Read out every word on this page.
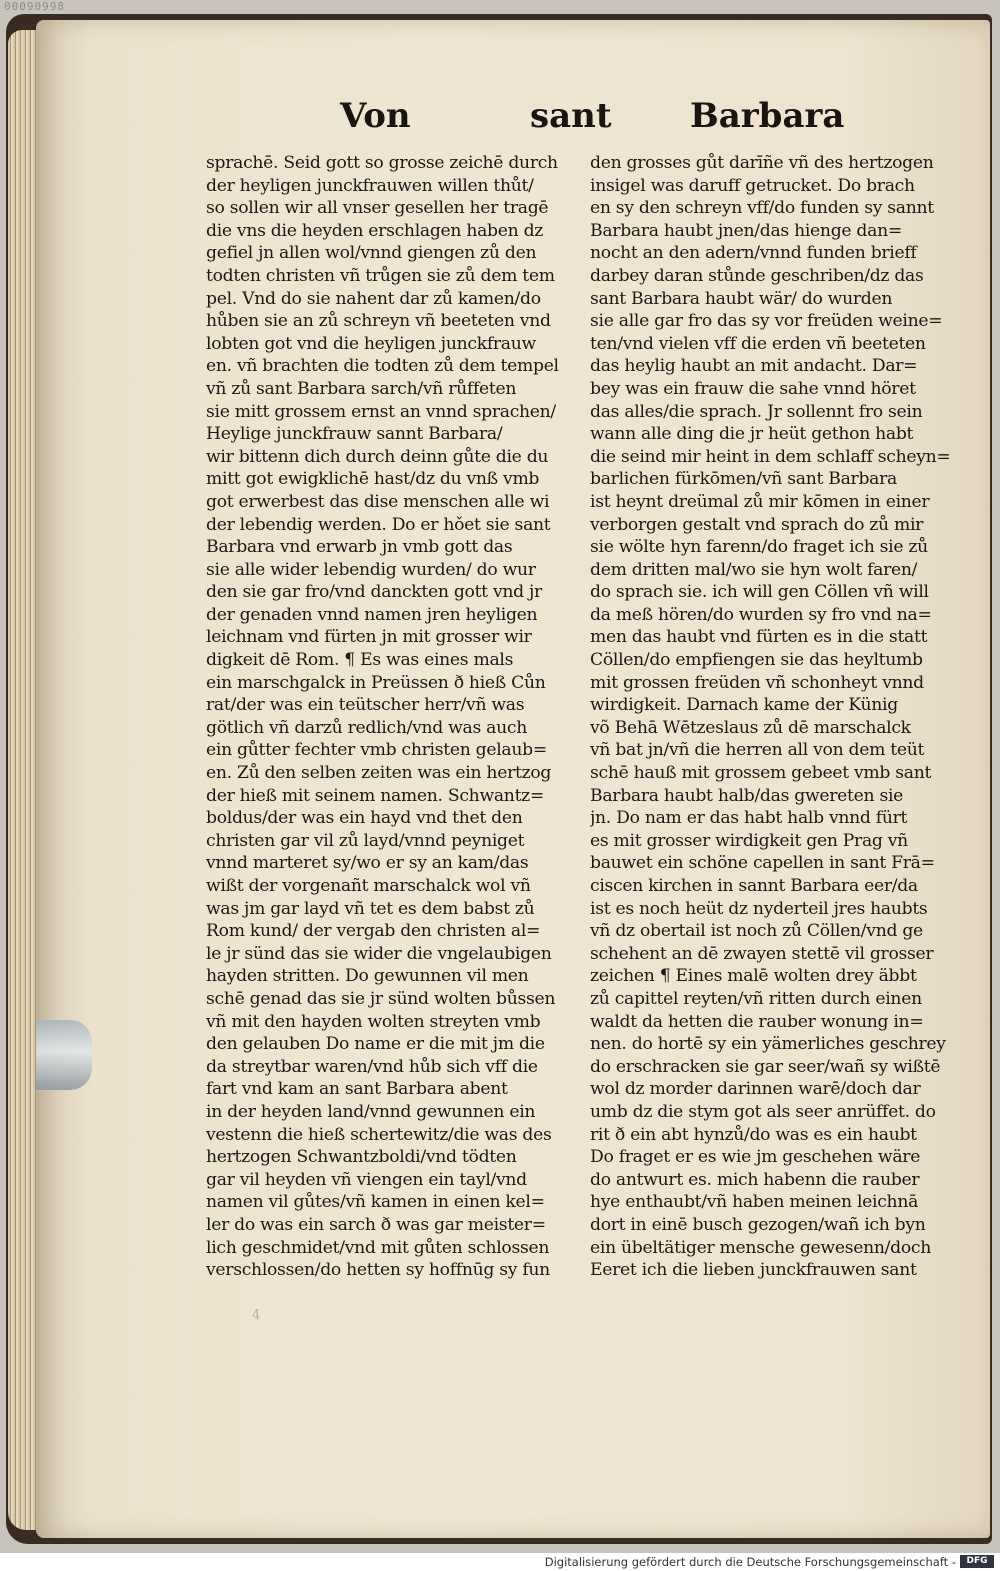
00090998
Von	sant Barbara
sprachē. Seid gott so grosse zeichē durch
der heyligen junckfrauwen willen thůt/
so sollen wir all vnser gesellen her tragē
die vns die heyden erschlagen haben dz
gefiel jn allen wol/vnnd giengen zů den
todten christen vñ trůgen sie zů dem tem
pel. Vnd do sie nahent dar zů kamen/do
hůben sie an zů schreyn vñ beeteten vnd
lobten got vnd die heyligen junckfrauw
en. vñ brachten die todten zů dem tempel
vñ zů sant Barbara sarch/vñ růffeten
sie mitt grossem ernst an vnnd sprachen/
Heylige junckfrauw sannt Barbara/
wir bittenn dich durch deinn gůte die du
mitt got ewigklichē hast/dz du vnß vmb
got erwerbest das dise menschen alle wi
der lebendig werden. Do er hǒet sie sant
Barbara vnd erwarb jn vmb gott das
sie alle wider lebendig wurden/ do wur
den sie gar fro/vnd danckten gott vnd jr
der genaden vnnd namen jren heyligen
leichnam vnd fürten jn mit grosser wir
digkeit dē Rom. ¶ Es was eines mals
ein marschgalck in Preüssen ð hieß Cůn
rat/der was ein teütscher herr/vñ was
götlich vñ darzů redlich/vnd was auch
ein gůtter fechter vmb christen gelaub=
en. Zů den selben zeiten was ein hertzog
der hieß mit seinem namen. Schwantz=
boldus/der was ein hayd vnd thet den
christen gar vil zů layd/vnnd peyniget
vnnd marteret sy/wo er sy an kam/das
wißt der vorgenañt marschalck wol vñ
was jm gar layd vñ tet es dem babst zů
Rom kund/ der vergab den christen al=
le jr sünd das sie wider die vngelaubigen
hayden stritten. Do gewunnen vil men
schē genad das sie jr sünd wolten bůssen
vñ mit den hayden wolten streyten vmb
den gelauben Do name er die mit jm die
da streytbar waren/vnd hůb sich vff die
fart vnd kam an sant Barbara abent
in der heyden land/vnnd gewunnen ein
vestenn die hieß schertewitz/die was des
hertzogen Schwantzboldi/vnd tödten
gar vil heyden vñ viengen ein tayl/vnd
namen vil gůtes/vñ kamen in einen kel=
ler do was ein sarch ð was gar meister=
lich geschmidet/vnd mit gůten schlossen
verschlossen/do hetten sy hoffnūg sy fun
den grosses gůt darīñe vñ des hertzogen
insigel was daruff getrucket. Do brach
en sy den schreyn vff/do funden sy sannt
Barbara haubt jnen/das hienge dan=
nocht an den adern/vnnd funden brieff
darbey daran stůnde geschriben/dz das
sant Barbara haubt wär/ do wurden
sie alle gar fro das sy vor freüden weine=
ten/vnd vielen vff die erden vñ beeteten
das heylig haubt an mit andacht. Dar=
bey was ein frauw die sahe vnnd höret
das alles/die sprach. Jr sollennt fro sein
wann alle ding die jr heüt gethon habt
die seind mir heint in dem schlaff scheyn=
barlichen fürkōmen/vñ sant Barbara
ist heynt dreümal zů mir kōmen in einer
verborgen gestalt vnd sprach do zů mir
sie wölte hyn farenn/do fraget ich sie zů
dem dritten mal/wo sie hyn wolt faren/
do sprach sie. ich will gen Cöllen vñ will
da meß hören/do wurden sy fro vnd na=
men das haubt vnd fürten es in die statt
Cöllen/do empfiengen sie das heyltumb
mit grossen freüden vñ schonheyt vnnd
wirdigkeit. Darnach kame der Künig
võ Behā Wētzeslaus zů dē marschalck
vñ bat jn/vñ die herren all von dem teüt
schē hauß mit grossem gebeet vmb sant
Barbara haubt halb/das gwereten sie
jn. Do nam er das habt halb vnnd fürt
es mit grosser wirdigkeit gen Prag vñ
bauwet ein schöne capellen in sant Frā=
ciscen kirchen in sannt Barbara eer/da
ist es noch heüt dz nyderteil jres haubts
vñ dz obertail ist noch zů Cöllen/vnd ge
schehent an dē zwayen stettē vil grosser
zeichen ¶ Eines malē wolten drey äbbt
zů capittel reyten/vñ ritten durch einen
waldt da hetten die rauber wonung in=
nen. do hortē sy ein yämerliches geschrey
do erschracken sie gar seer/wañ sy wißtē
wol dz morder darinnen warē/doch dar
umb dz die stym got als seer anrüffet. do
rit ð ein abt hynzů/do was es ein haubt
Do fraget er es wie jm geschehen wäre
do antwurt es. mich habenn die rauber
hye enthaubt/vñ haben meinen leichnā
dort in einē busch gezogen/wañ ich byn
ein übeltätiger mensche gewesenn/doch
Eeret ich die lieben junckfrauwen sant
4
Digitalisierung gefördert durch die Deutsche Forschungsgemeinschaft -	DFG
